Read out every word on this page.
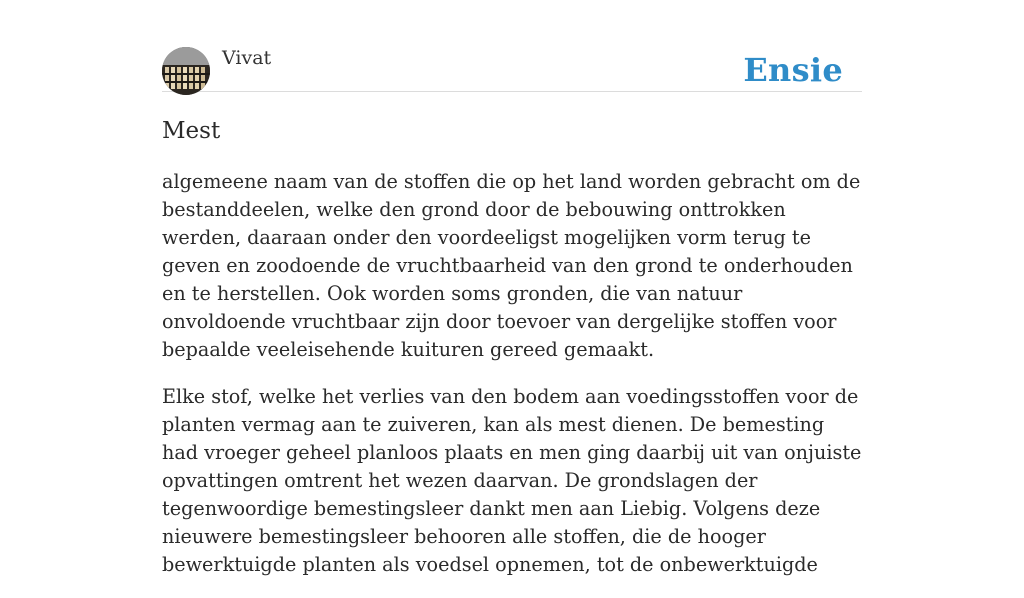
Vivat	Ensie
Mest

algemeene naam van de stoffen die op het land worden gebracht om de bestanddeelen, welke den grond door de bebouwing onttrokken werden, daaraan onder den voordeeligst mogelijken vorm terug te geven en zoodoende de vruchtbaarheid van den grond te onderhouden en te herstellen. Ook worden soms gronden, die van natuur onvoldoende vruchtbaar zijn door toevoer van dergelijke stoffen voor bepaalde veeleisehende kuituren gereed gemaakt.

Elke stof, welke het verlies van den bodem aan voedingsstoffen voor de planten vermag aan te zuiveren, kan als mest dienen. De bemesting had vroeger geheel planloos plaats en men ging daarbij uit van onjuiste opvattingen omtrent het wezen daarvan. De grondslagen der tegenwoordige bemestingsleer dankt men aan Liebig. Volgens deze nieuwere bemestingsleer behooren alle stoffen, die de hooger bewerktuigde planten als voedsel opnemen, tot de onbewerktuigde
